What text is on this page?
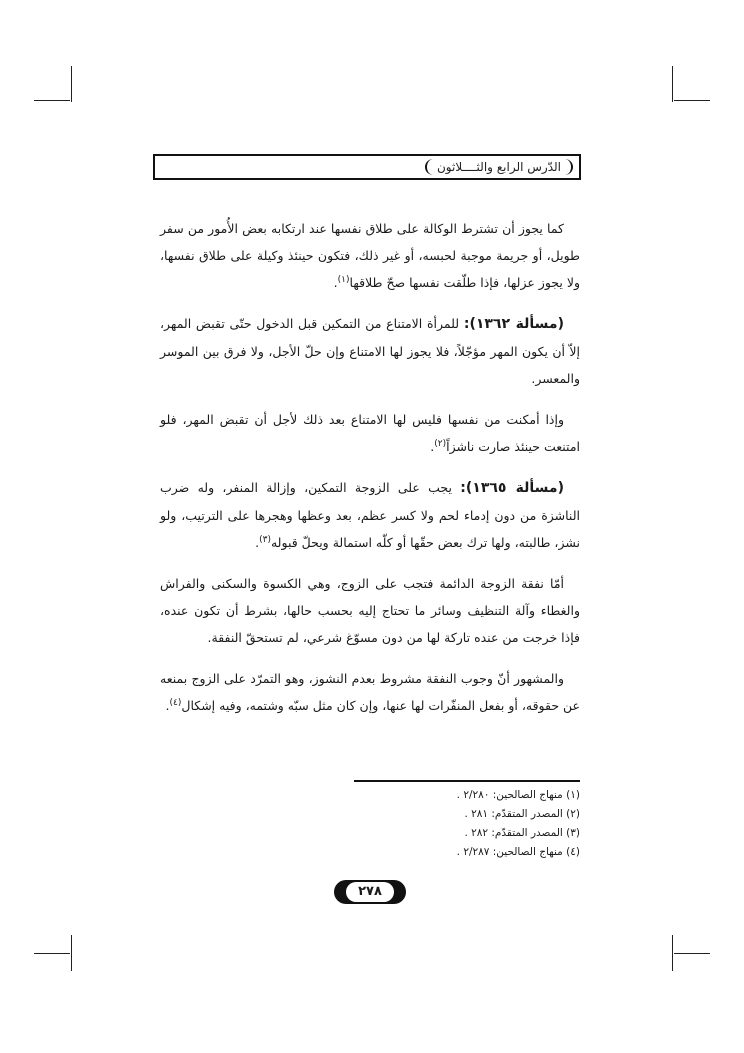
الدّرس الرابع والثــــلاثون

كما يجوز أن تشترط الوكالة على طلاق نفسها عند ارتكابه بعض الأُمور من سفر طويل، أو جريمة موجبة لحبسه، أو غير ذلك، فتكون حينئذ وكيلة على طلاق نفسها، ولا يجوز عزلها، فإذا طلّقت نفسها صحّ طلاقها$^{(١)}$.

(مسألة ١٣٦٢): للمرأة الامتناع من التمكين قبل الدخول حتّى تقبض المهر، إلاّ أن يكون المهر مؤجّلاً، فلا يجوز لها الامتناع وإن حلّ الأجل، ولا فرق بين الموسر والمعسر.

وإذا أمكنت من نفسها فليس لها الامتناع بعد ذلك لأجل أن تقبض المهر، فلو امتنعت حينئذ صارت ناشزاً$^{(٢)}$.

(مسألة ١٣٦٥): يجب على الزوجة التمكين، وإزالة المنفر، وله ضرب الناشزة من دون إدماء لحم ولا كسر عظم، بعد وعظها وهجرها على الترتيب، ولو نشز، طالبته، ولها ترك بعض حقّها أو كلّه استمالة ويحلّ قبوله$^{(٣)}$.

أمّا نفقة الزوجة الدائمة فتجب على الزوج، وهي الكسوة والسكنى والفراش والغطاء وآلة التنظيف وسائر ما تحتاج إليه بحسب حالها، بشرط أن تكون عنده، فإذا خرجت من عنده تاركة لها من دون مسوّغ شرعي، لم تستحقّ النفقة.

والمشهور أنّ وجوب النفقة مشروط بعدم النشوز، وهو التمرّد على الزوج بمنعه عن حقوقه، أو بفعل المنفّرات لها عنها، وإن كان مثل سبّه وشتمه، وفيه إشكال$^{(٤)}$.

(١) منهاج الصالحين: ٢/٢٨٠ .

(٢) المصدر المتقدّم: ٢٨١ .

(٣) المصدر المتقدّم: ٢٨٢ .

(٤) منهاج الصالحين: ٢/٢٨٧ .

٢٧٨
